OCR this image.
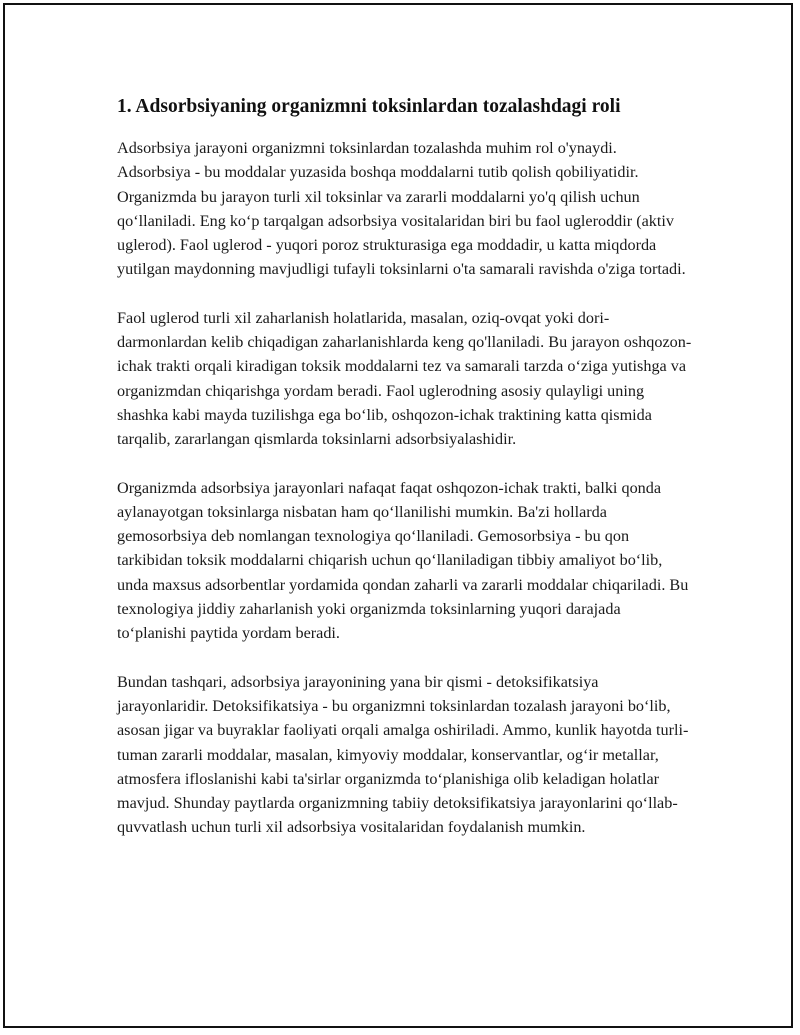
1. Adsorbsiyaning organizmni toksinlardan tozalashdagi roli

Adsorbsiya jarayoni organizmni toksinlardan tozalashda muhim rol o'ynaydi. Adsorbsiya - bu moddalar yuzasida boshqa moddalarni tutib qolish qobiliyatidir. Organizmda bu jarayon turli xil toksinlar va zararli moddalarni yo'q qilish uchun qo‘llaniladi. Eng ko‘p tarqalgan adsorbsiya vositalaridan biri bu faol ugleroddir (aktiv uglerod). Faol uglerod - yuqori poroz strukturasiga ega moddadir, u katta miqdorda yutilgan maydonning mavjudligi tufayli toksinlarni o'ta samarali ravishda o'ziga tortadi.

Faol uglerod turli xil zaharlanish holatlarida, masalan, oziq-ovqat yoki dori-darmonlardan kelib chiqadigan zaharlanishlarda keng qo'llaniladi. Bu jarayon oshqozon-ichak trakti orqali kiradigan toksik moddalarni tez va samarali tarzda o‘ziga yutishga va organizmdan chiqarishga yordam beradi. Faol uglerodning asosiy qulayligi uning shashka kabi mayda tuzilishga ega bo‘lib, oshqozon-ichak traktining katta qismida tarqalib, zararlangan qismlarda toksinlarni adsorbsiyalashidir.

Organizmda adsorbsiya jarayonlari nafaqat faqat oshqozon-ichak trakti, balki qonda aylanayotgan toksinlarga nisbatan ham qo‘llanilishi mumkin. Ba'zi hollarda gemosorbsiya deb nomlangan texnologiya qo‘llaniladi. Gemosorbsiya - bu qon tarkibidan toksik moddalarni chiqarish uchun qo‘llaniladigan tibbiy amaliyot bo‘lib, unda maxsus adsorbentlar yordamida qondan zaharli va zararli moddalar chiqariladi. Bu texnologiya jiddiy zaharlanish yoki organizmda toksinlarning yuqori darajada to‘planishi paytida yordam beradi.

Bundan tashqari, adsorbsiya jarayonining yana bir qismi - detoksifikatsiya jarayonlaridir. Detoksifikatsiya - bu organizmni toksinlardan tozalash jarayoni bo‘lib, asosan jigar va buyraklar faoliyati orqali amalga oshiriladi. Ammo, kunlik hayotda turli-tuman zararli moddalar, masalan, kimyoviy moddalar, konservantlar, og‘ir metallar, atmosfera ifloslanishi kabi ta'sirlar organizmda to‘planishiga olib keladigan holatlar mavjud. Shunday paytlarda organizmning tabiiy detoksifikatsiya jarayonlarini qo‘llab-quvvatlash uchun turli xil adsorbsiya vositalaridan foydalanish mumkin.
